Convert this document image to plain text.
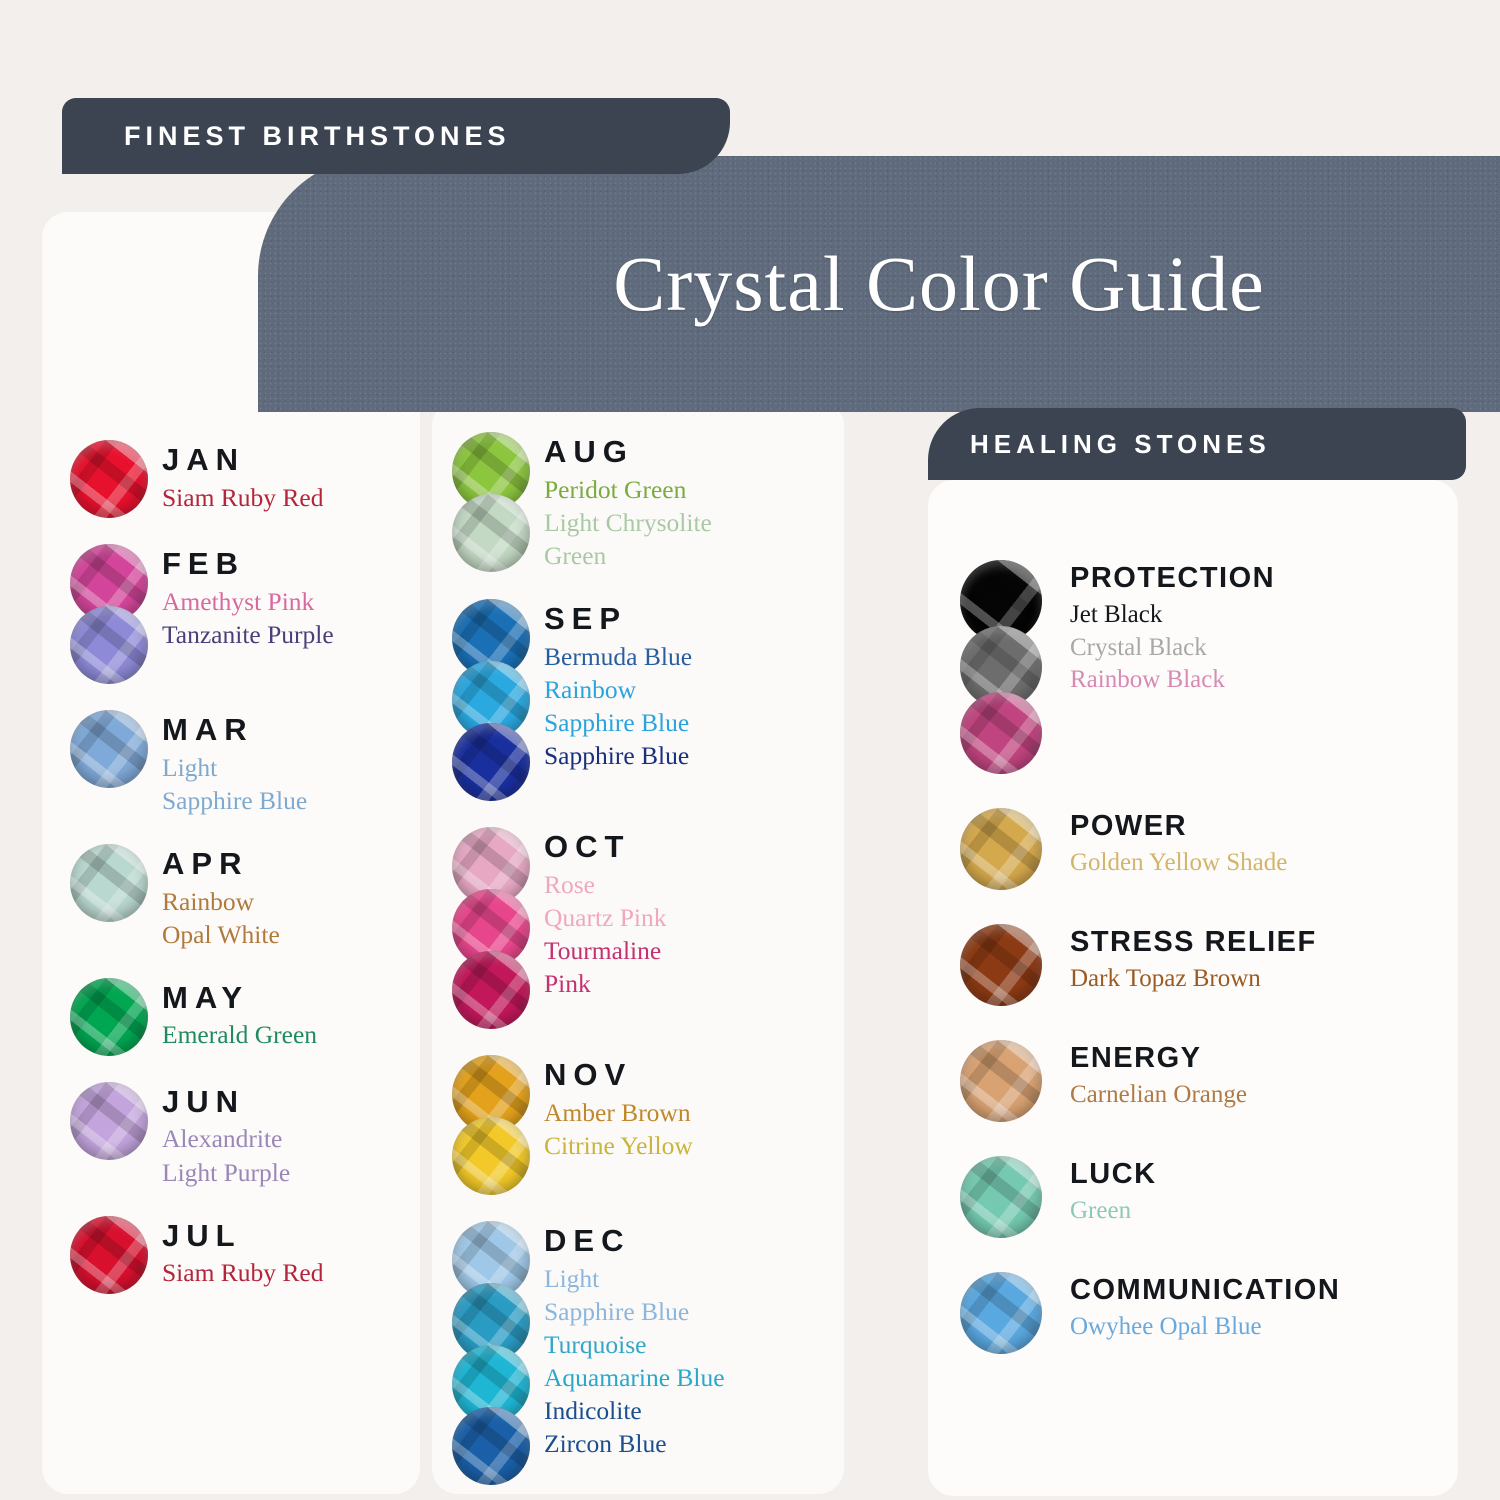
Crystal Color Guide
FINEST BIRTHSTONES
HEALING STONES
JAN
Siam Ruby Red
FEB
Amethyst Pink
Tanzanite Purple
MAR
Light
Sapphire Blue
APR
Rainbow
Opal White
MAY
Emerald Green
JUN
Alexandrite
Light Purple
JUL
Siam Ruby Red
AUG
Peridot Green
Light Chrysolite
Green
SEP
Bermuda Blue
Rainbow
Sapphire Blue
Sapphire Blue
OCT
Rose
Quartz Pink
Tourmaline
Pink
NOV
Amber Brown
Citrine Yellow
DEC
Light
Sapphire Blue
Turquoise
Aquamarine Blue
Indicolite
Zircon Blue
PROTECTION
Jet Black
Crystal Black
Rainbow Black
POWER
Golden Yellow Shade
STRESS RELIEF
Dark Topaz Brown
ENERGY
Carnelian Orange
LUCK
Green
COMMUNICATION
Owyhee Opal Blue
